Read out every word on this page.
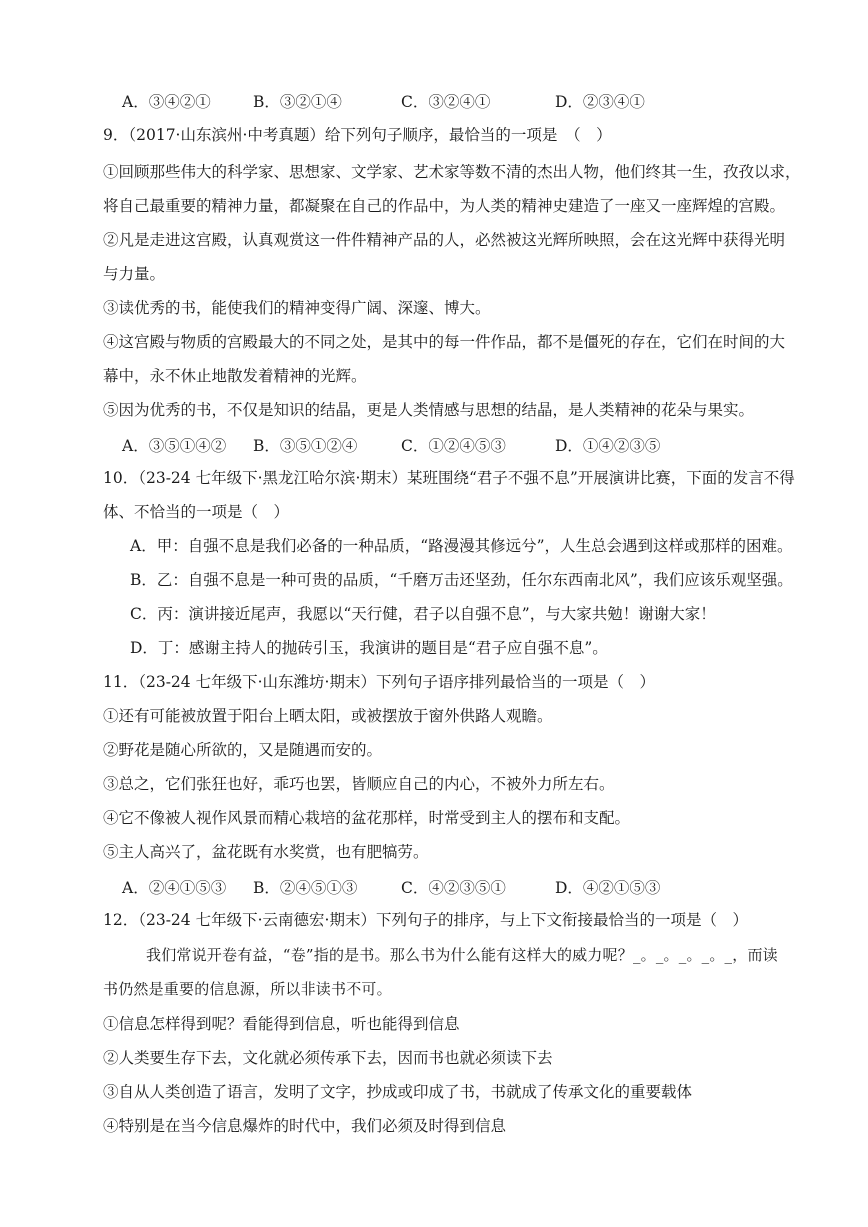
A．③④②①	B．③②①④	C．③②④①	D．②③④①
9．（2017·山东滨州·中考真题）给下列句子顺序，最恰当的一项是　（　）
①回顾那些伟大的科学家、思想家、文学家、艺术家等数不清的杰出人物，他们终其一生，孜孜以求，
将自己最重要的精神力量，都凝聚在自己的作品中，为人类的精神史建造了一座又一座辉煌的宫殿。
②凡是走进这宫殿，认真观赏这一件件精神产品的人，必然被这光辉所映照，会在这光辉中获得光明
与力量。
③读优秀的书，能使我们的精神变得广阔、深邃、博大。
④这宫殿与物质的宫殿最大的不同之处，是其中的每一件作品，都不是僵死的存在，它们在时间的大
幕中，永不休止地散发着精神的光辉。
⑤因为优秀的书，不仅是知识的结晶，更是人类情感与思想的结晶，是人类精神的花朵与果实。
A．③⑤①④② B．③⑤①②④	C．①②④⑤③	D．①④②③⑤
10．（23-24 七年级下·黑龙江哈尔滨·期末）某班围绕“君子不强不息”开展演讲比赛，下面的发言不得
体、不恰当的一项是（　）
A．甲：自强不息是我们必备的一种品质，“路漫漫其修远兮”，人生总会遇到这样或那样的困难。
B．乙：自强不息是一种可贵的品质，“千磨万击还坚劲，任尔东西南北风”，我们应该乐观坚强。
C．丙：演讲接近尾声，我愿以“天行健，君子以自强不息”，与大家共勉！谢谢大家！
D．丁：感谢主持人的抛砖引玉，我演讲的题目是“君子应自强不息”。
11．（23-24 七年级下·山东潍坊·期末）下列句子语序排列最恰当的一项是（　）
①还有可能被放置于阳台上晒太阳，或被摆放于窗外供路人观瞻。
②野花是随心所欲的，又是随遇而安的。
③总之，它们张狂也好，乖巧也罢，皆顺应自己的内心，不被外力所左右。
④它不像被人视作风景而精心栽培的盆花那样，时常受到主人的摆布和支配。
⑤主人高兴了，盆花既有水奖赏，也有肥犒劳。
A．②④①⑤③ B．②④⑤①③	C．④②③⑤①	D．④②①⑤③
12．（23-24 七年级下·云南德宏·期末）下列句子的排序，与上下文衔接最恰当的一项是（　）
我们常说开卷有益，“卷”指的是书。那么书为什么能有这样大的威力呢？_。_。_。_。_，而读
书仍然是重要的信息源，所以非读书不可。
①信息怎样得到呢？看能得到信息，听也能得到信息
②人类要生存下去，文化就必须传承下去，因而书也就必须读下去
③自从人类创造了语言，发明了文字，抄成或印成了书，书就成了传承文化的重要载体
④特别是在当今信息爆炸的时代中，我们必须及时得到信息
